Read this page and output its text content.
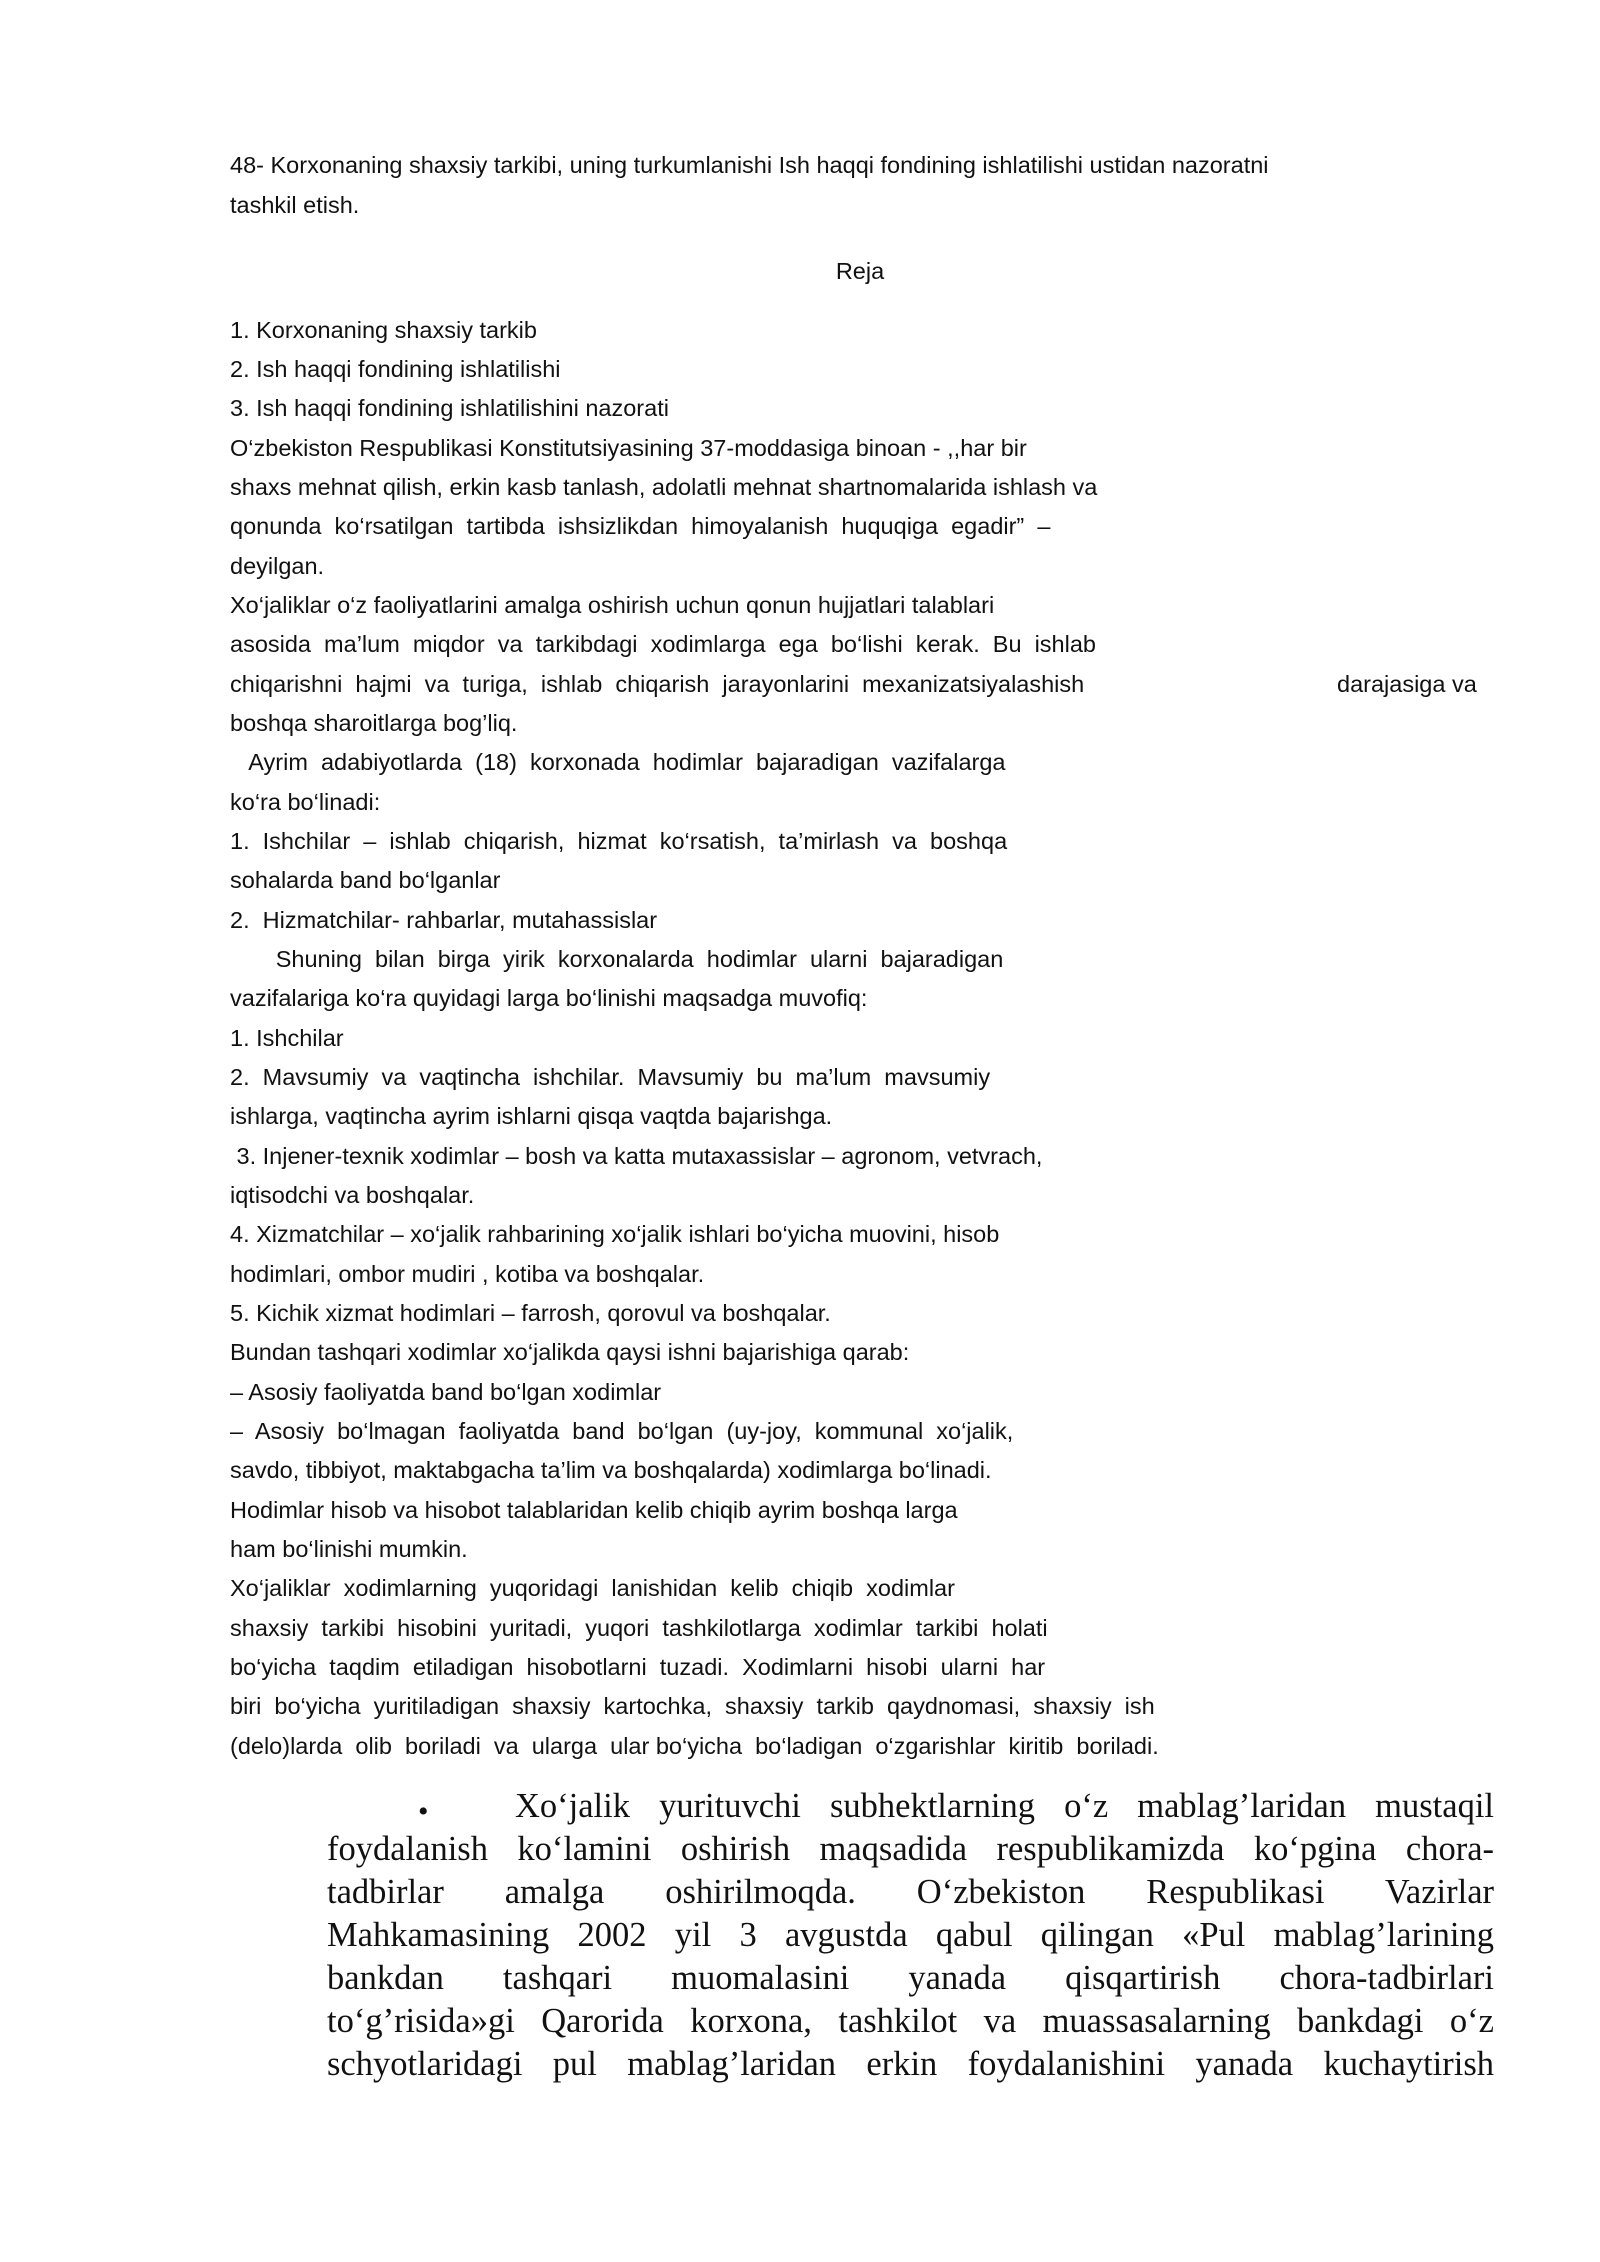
48- Korxonaning shaxsiy tarkibi, uning turkumlanishi Ish haqqi fondining ishlatilishi ustidan nazoratni
tashkil etish.
Reja
1. Korxonaning shaxsiy tarkib
2. Ish haqqi fondining ishlatilishi
3. Ish haqqi fondining ishlatilishini nazorati
O‘zbekiston Respublikasi Konstitutsiyasining 37-moddasiga binoan - ,,har bir
shaxs mehnat qilish, erkin kasb tanlash, adolatli mehnat shartnomalarida ishlash va
qonunda  ko‘rsatilgan  tartibda  ishsizlikdan  himoyalanish  huquqiga  egadir”  –
deyilgan.
Xo‘jaliklar o‘z faoliyatlarini amalga oshirish uchun qonun hujjatlari talablari
asosida  ma’lum  miqdor  va  tarkibdagi  xodimlarga  ega  bo‘lishi  kerak.  Bu  ishlab
chiqarishni  hajmi  va  turiga,  ishlab  chiqarish  jarayonlarini  mexanizatsiyalashish	darajasiga va
boshqa sharoitlarga bog’liq.
Ayrim  adabiyotlarda  (18)  korxonada  hodimlar  bajaradigan  vazifalarga
ko‘ra bo‘linadi:
1.  Ishchilar  –  ishlab  chiqarish,  hizmat  ko‘rsatish,  ta’mirlash  va  boshqa
sohalarda band bo‘lganlar
2.  Hizmatchilar- rahbarlar, mutahassislar
Shuning  bilan  birga  yirik  korxonalarda  hodimlar  ularni  bajaradigan
vazifalariga ko‘ra quyidagi larga bo‘linishi maqsadga muvofiq:
1. Ishchilar
2.  Mavsumiy  va  vaqtincha  ishchilar.  Mavsumiy  bu  ma’lum  mavsumiy
ishlarga, vaqtincha ayrim ishlarni qisqa vaqtda bajarishga.
3. Injener-texnik xodimlar – bosh va katta mutaxassislar – agronom, vetvrach,
iqtisodchi va boshqalar.
4. Xizmatchilar – xo‘jalik rahbarining xo‘jalik ishlari bo‘yicha muovini, hisob
hodimlari, ombor mudiri , kotiba va boshqalar.
5. Kichik xizmat hodimlari – farrosh, qorovul va boshqalar.
Bundan tashqari xodimlar xo‘jalikda qaysi ishni bajarishiga qarab:
– Asosiy faoliyatda band bo‘lgan xodimlar
–  Asosiy  bo‘lmagan  faoliyatda  band  bo‘lgan  (uy-joy,  kommunal  xo‘jalik,
savdo, tibbiyot, maktabgacha ta’lim va boshqalarda) xodimlarga bo‘linadi.
Hodimlar hisob va hisobot talablaridan kelib chiqib ayrim boshqa larga
ham bo‘linishi mumkin.
Xo‘jaliklar  xodimlarning  yuqoridagi  lanishidan  kelib  chiqib  xodimlar
shaxsiy  tarkibi  hisobini  yuritadi,  yuqori  tashkilotlarga  xodimlar  tarkibi  holati
bo‘yicha  taqdim  etiladigan  hisobotlarni  tuzadi.  Xodimlarni  hisobi  ularni  har
biri  bo‘yicha  yuritiladigan  shaxsiy  kartochka,  shaxsiy  tarkib  qaydnomasi,  shaxsiy  ish
(delo)larda  olib  boriladi  va  ularga  ular bo‘yicha  bo‘ladigan  o‘zgarishlar  kiritib  boriladi.
•	Xo‘jalik yurituvchi subhektlarning o‘z mablag’laridan mustaqil
foydalanish ko‘lamini oshirish maqsadida respublikamizda ko‘pgina chora-
tadbirlar amalga oshirilmoqda. O‘zbekiston Respublikasi Vazirlar
Mahkamasining 2002 yil 3 avgustda qabul qilingan «Pul mablag’larining
bankdan tashqari muomalasini yanada qisqartirish chora-tadbirlari
to‘g’risida»gi Qarorida korxona, tashkilot va muassasalarning bankdagi o‘z
schyotlaridagi pul mablag’laridan erkin foydalanishini yanada kuchaytirish
